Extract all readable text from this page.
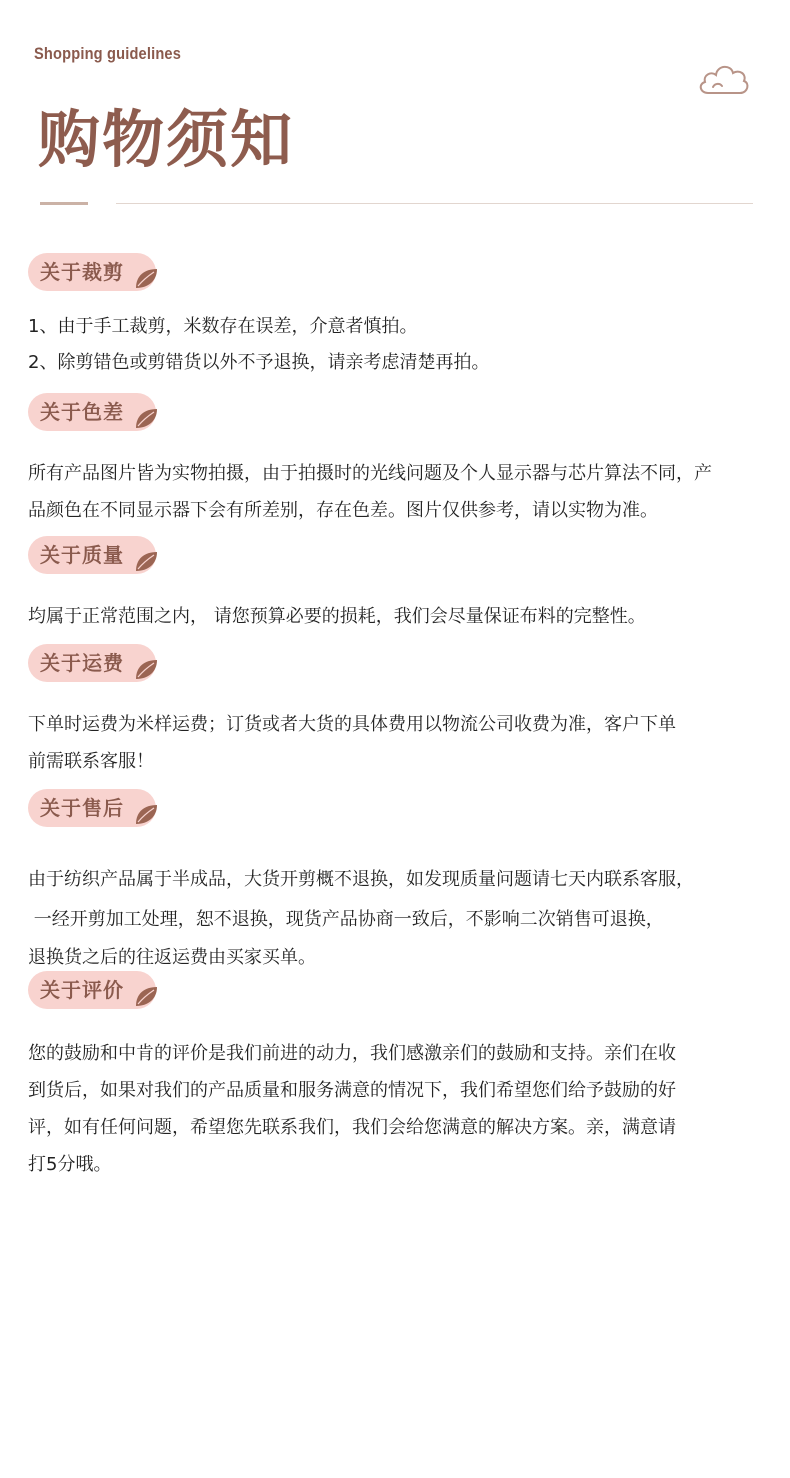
Shopping guidelines
购物须知
关于裁剪
1、由于手工裁剪，米数存在误差，介意者慎拍。
2、除剪错色或剪错货以外不予退换，请亲考虑清楚再拍。
关于色差

所有产品图片皆为实物拍摄，由于拍摄时的光线问题及个人显示器与芯片算法不同，产

品颜色在不同显示器下会有所差别，存在色差。图片仅供参考，请以实物为准。

关于质量

均属于正常范围之内， 请您预算必要的损耗，我们会尽量保证布料的完整性。

关于运费

下单时运费为米样运费；订货或者大货的具体费用以物流公司收费为准，客户下单

前需联系客服！

关于售后

由于纺织产品属于半成品，大货开剪概不退换，如发现质量问题请七天内联系客服，

一经开剪加工处理，恕不退换，现货产品协商一致后，不影响二次销售可退换，

退换货之后的往返运费由买家买单。

关于评价

您的鼓励和中肯的评价是我们前进的动力，我们感激亲们的鼓励和支持。亲们在收

到货后，如果对我们的产品质量和服务满意的情况下，我们希望您们给予鼓励的好

评，如有任何问题，希望您先联系我们，我们会给您满意的解决方案。亲，满意请

打5分哦。
